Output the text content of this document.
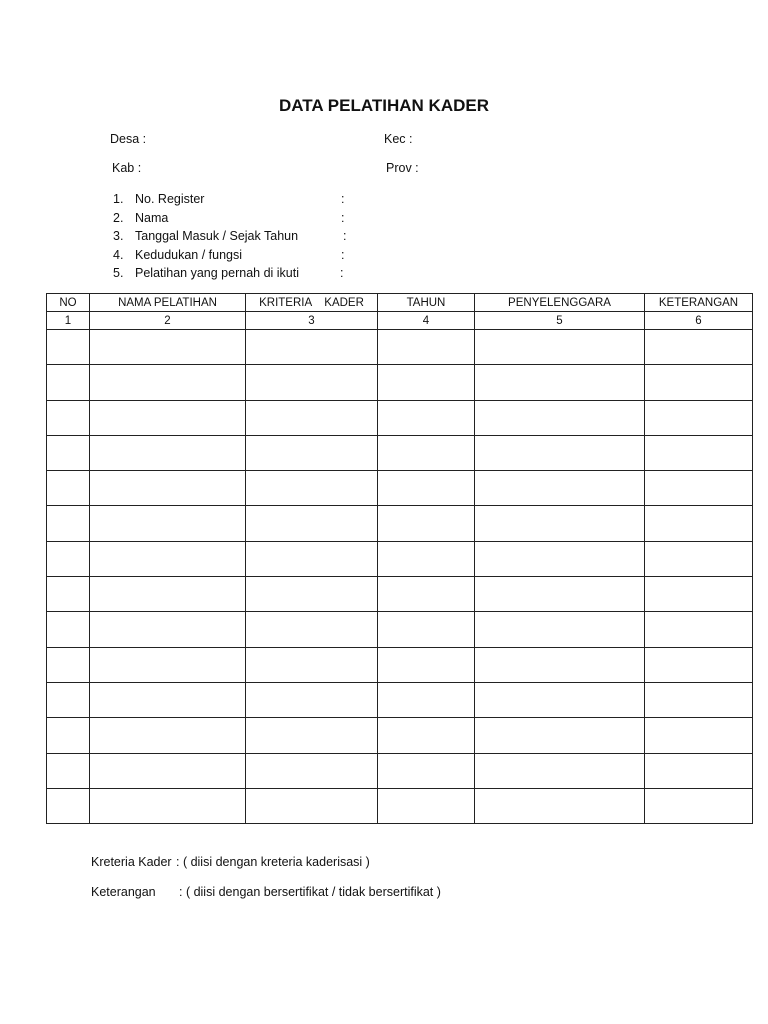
DATA PELATIHAN KADER
Desa :	Kec :
Kab :	Prov :
1. No. Register	:
2. Nama	:
3. Tanggal Masuk / Sejak Tahun	:
4. Kedudukan / fungsi	:
5. Pelatihan yang pernah di ikuti	:
NO	NAMA PELATIHAN	KRITERIA    KADER	TAHUN	PENYELENGGARA	KETERANGAN
1	2	3	4	5	6

Kreteria Kader : ( diisi dengan kreteria kaderisasi )
Keterangan : ( diisi dengan bersertifikat / tidak bersertifikat )
